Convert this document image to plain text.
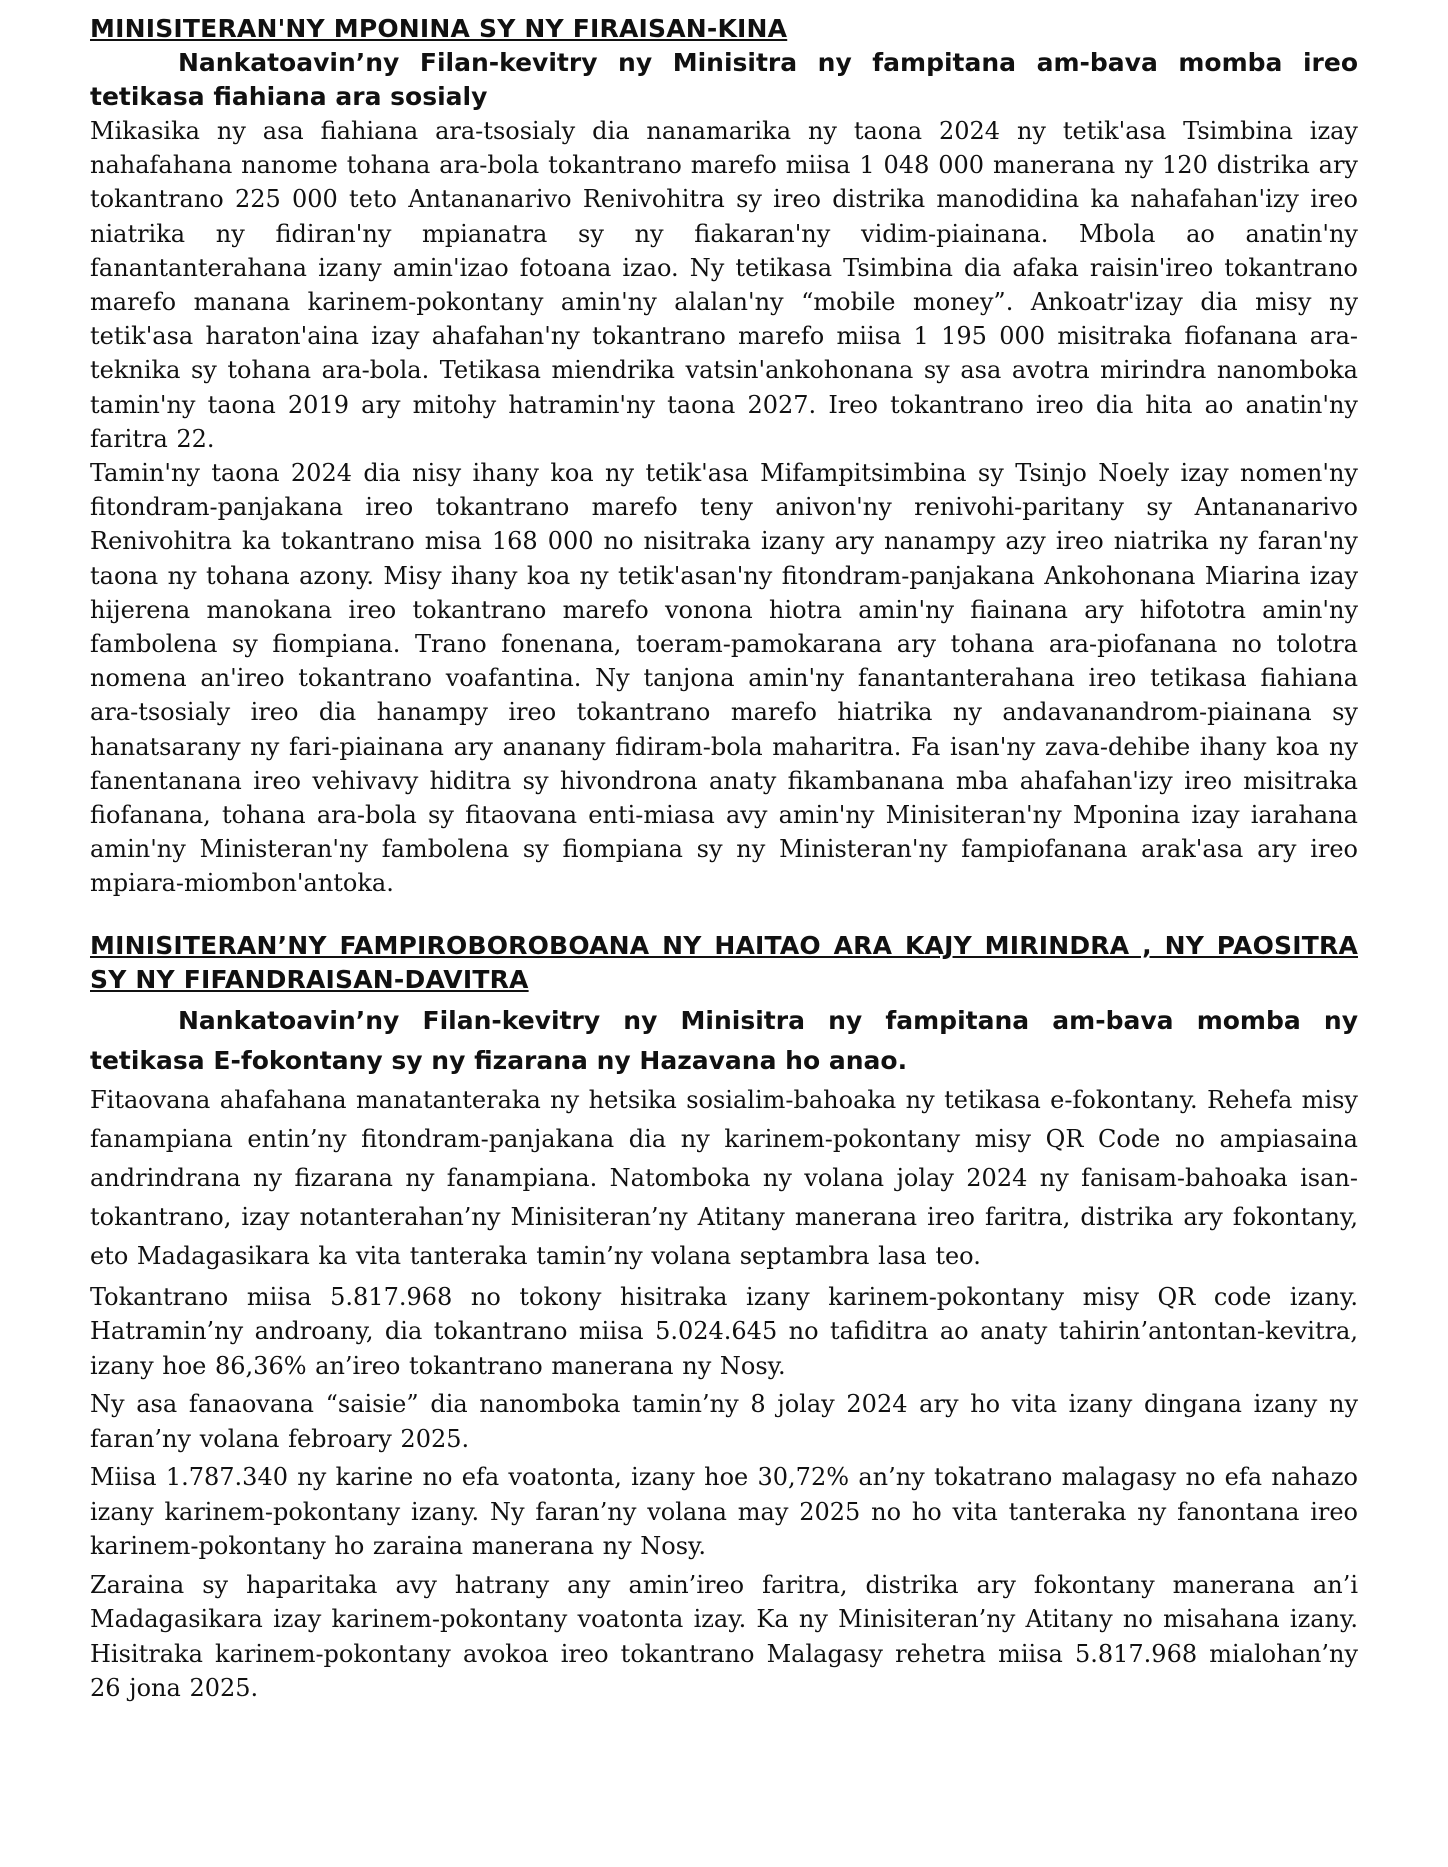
MINISITERAN'NY MPONINA SY NY FIRAISAN-KINA
Nankatoavin’ny Filan-kevitry ny Minisitra ny fampitana am-bava momba ireo tetikasa fiahiana ara sosialy

Mikasika ny asa fiahiana ara-tsosialy dia nanamarika ny taona 2024 ny tetik'asa Tsimbina izay nahafahana nanome tohana ara-bola tokantrano marefo miisa 1 048 000 manerana ny 120 distrika ary tokantrano 225 000 teto Antananarivo Renivohitra sy ireo distrika manodidina ka nahafahan'izy ireo niatrika ny fidiran'ny mpianatra sy ny fiakaran'ny vidim-piainana. Mbola ao anatin'ny fanantanterahana izany amin'izao fotoana izao. Ny tetikasa Tsimbina dia afaka raisin'ireo tokantrano marefo manana karinem-pokontany amin'ny alalan'ny “mobile money”. Ankoatr'izay dia misy ny tetik'asa haraton'aina izay ahafahan'ny tokantrano marefo miisa 1 195 000 misitraka fiofanana ara-teknika sy tohana ara-bola. Tetikasa miendrika vatsin'ankohonana sy asa avotra mirindra nanomboka tamin'ny taona 2019 ary mitohy hatramin'ny taona 2027. Ireo tokantrano ireo dia hita ao anatin'ny faritra 22.

Tamin'ny taona 2024 dia nisy ihany koa ny tetik'asa Mifampitsimbina sy Tsinjo Noely izay nomen'ny fitondram-panjakana ireo tokantrano marefo teny anivon'ny renivohi-paritany sy Antananarivo Renivohitra ka tokantrano misa 168 000 no nisitraka izany ary nanampy azy ireo niatrika ny faran'ny taona ny tohana azony. Misy ihany koa ny tetik'asan'ny fitondram-panjakana Ankohonana Miarina izay hijerena manokana ireo tokantrano marefo vonona hiotra amin'ny fiainana ary hifototra amin'ny fambolena sy fiompiana. Trano fonenana, toeram-pamokarana ary tohana ara-piofanana no tolotra nomena an'ireo tokantrano voafantina. Ny tanjona amin'ny fanantanterahana ireo tetikasa fiahiana ara-tsosialy ireo dia hanampy ireo tokantrano marefo hiatrika ny andavanandrom-piainana sy hanatsarany ny fari-piainana ary ananany fidiram-bola maharitra. Fa isan'ny zava-dehibe ihany koa ny fanentanana ireo vehivavy hiditra sy hivondrona anaty fikambanana mba ahafahan'izy ireo misitraka fiofanana, tohana ara-bola sy fitaovana enti-miasa avy amin'ny Minisiteran'ny Mponina izay iarahana amin'ny Ministeran'ny fambolena sy fiompiana sy ny Ministeran'ny fampiofanana arak'asa ary ireo mpiara-miombon'antoka.

MINISITERAN’NY FAMPIROBOROBOANA NY HAITAO ARA KAJY MIRINDRA , NY PAOSITRA SY NY FIFANDRAISAN-DAVITRA
Nankatoavin’ny Filan-kevitry ny Minisitra ny fampitana am-bava momba ny tetikasa E-fokontany sy ny fizarana ny Hazavana ho anao.

Fitaovana ahafahana manatanteraka ny hetsika sosialim-bahoaka ny tetikasa e-fokontany. Rehefa misy fanampiana entin’ny fitondram-panjakana dia ny karinem-pokontany misy QR Code no ampiasaina andrindrana ny fizarana ny fanampiana. Natomboka ny volana jolay 2024 ny fanisam-bahoaka isan-tokantrano, izay notanterahan’ny Minisiteran’ny Atitany manerana ireo faritra, distrika ary fokontany, eto Madagasikara ka vita tanteraka tamin’ny volana septambra lasa teo.

Tokantrano miisa 5.817.968 no tokony hisitraka izany karinem-pokontany misy QR code izany. Hatramin’ny androany, dia tokantrano miisa 5.024.645 no tafiditra ao anaty tahirin’antontan-kevitra, izany hoe 86,36% an’ireo tokantrano manerana ny Nosy.

Ny asa fanaovana “saisie” dia nanomboka tamin’ny 8 jolay 2024 ary ho vita izany dingana izany ny faran’ny volana febroary 2025.

Miisa 1.787.340 ny karine no efa voatonta, izany hoe 30,72% an’ny tokatrano malagasy no efa nahazo izany karinem-pokontany izany. Ny faran’ny volana may 2025 no ho vita tanteraka ny fanontana ireo karinem-pokontany ho zaraina manerana ny Nosy.

Zaraina sy haparitaka avy hatrany any amin’ireo faritra, distrika ary fokontany manerana an’i Madagasikara izay karinem-pokontany voatonta izay. Ka ny Minisiteran’ny Atitany no misahana izany. Hisitraka karinem-pokontany avokoa ireo tokantrano Malagasy rehetra miisa 5.817.968 mialohan’ny 26 jona 2025.
